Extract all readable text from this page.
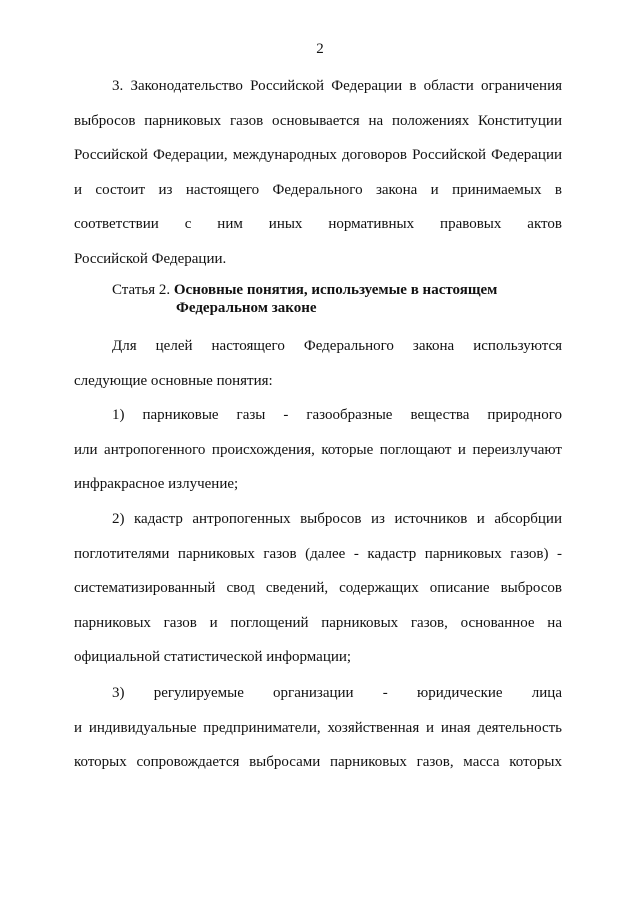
2
3. Законодательство Российской Федерации в области ограничения
выбросов парниковых газов основывается на положениях Конституции
Российской Федерации, международных договоров Российской Федерации
и состоит из настоящего Федерального закона и принимаемых в
соответствии с ним иных нормативных правовых актов
Российской Федерации.
Статья 2. Основные понятия, используемые в настоящем
Федеральном законе
Для целей настоящего Федерального закона используются
следующие основные понятия:
1) парниковые газы - газообразные вещества природного
или антропогенного происхождения, которые поглощают и переизлучают
инфракрасное излучение;
2) кадастр антропогенных выбросов из источников и абсорбции
поглотителями парниковых газов (далее - кадастр парниковых газов) -
систематизированный свод сведений, содержащих описание выбросов
парниковых газов и поглощений парниковых газов, основанное на
официальной статистической информации;
3) регулируемые организации - юридические лица
и индивидуальные предприниматели, хозяйственная и иная деятельность
которых сопровождается выбросами парниковых газов, масса которых
